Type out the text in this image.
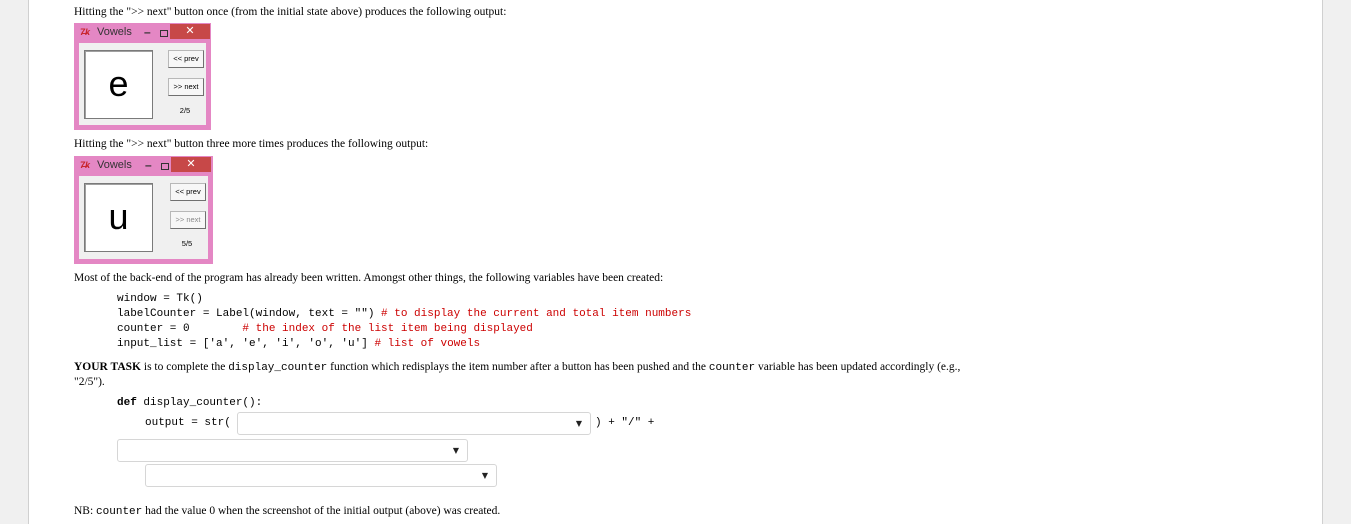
Hitting the ">> next" button once (from the initial state above) produces the following output:
7̶k Vowels –	✕
e
<< prev
>> next
2/5
Hitting the ">> next" button three more times produces the following output:
7̶k Vowels –	✕
u
<< prev
>> next
5/5
Most of the back-end of the program has already been written. Amongst other things, the following variables have been created:
window = Tk()
labelCounter = Label(window, text = "") # to display the current and total item numbers
counter = 0        # the index of the list item being displayed
input_list = ['a', 'e', 'i', 'o', 'u'] # list of vowels
YOUR TASK is to complete the display_counter function which redisplays the item number after a button has been pushed and the counter variable has been updated accordingly (e.g.,
"2/5").
def display_counter():
output = str(	▼ ) + "/" +
▼
▼
NB: counter had the value 0 when the screenshot of the initial output (above) was created.
